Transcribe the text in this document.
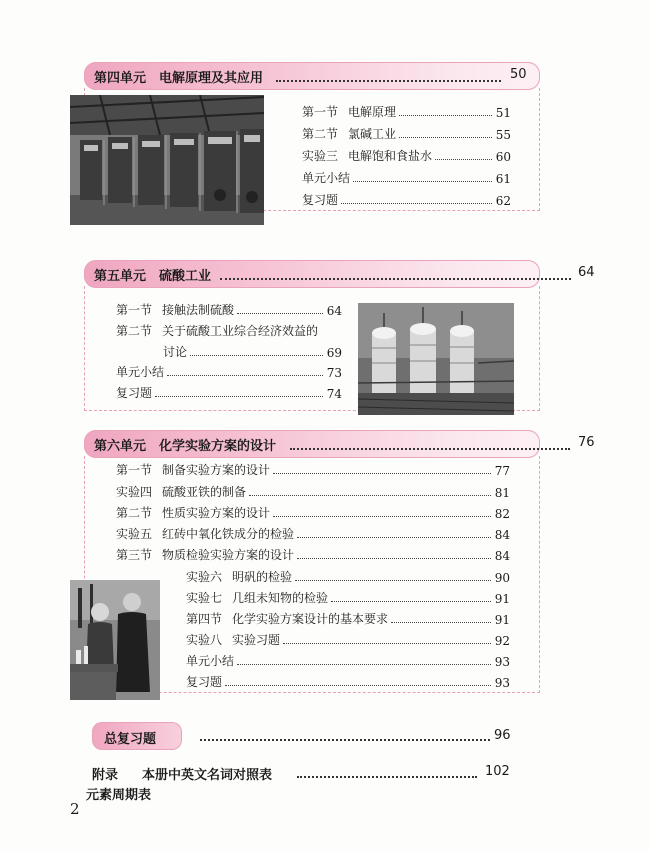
第四单元　电解原理及其应用	50
第一节 电解原理	51
第二节 氯碱工业	55
实验三 电解饱和食盐水	60
单元小结	61
复习题	62
第五单元　硫酸工业	64
第一节 接触法制硫酸	64
第二节 关于硫酸工业综合经济效益的
讨论	69
单元小结	73
复习题	74
第六单元　化学实验方案的设计	76
第一节 制备实验方案的设计	77
实验四 硫酸亚铁的制备	81
第二节 性质实验方案的设计	82
实验五 红砖中氧化铁成分的检验	84
第三节 物质检验实验方案的设计	84
实验六 明矾的检验	90
实验七 几组未知物的检验	91
第四节 化学实验方案设计的基本要求	91
实验八 实验习题	92
单元小结	93
复习题	93
总复习题	96
附录 本册中英文名词对照表	102
元素周期表
2
